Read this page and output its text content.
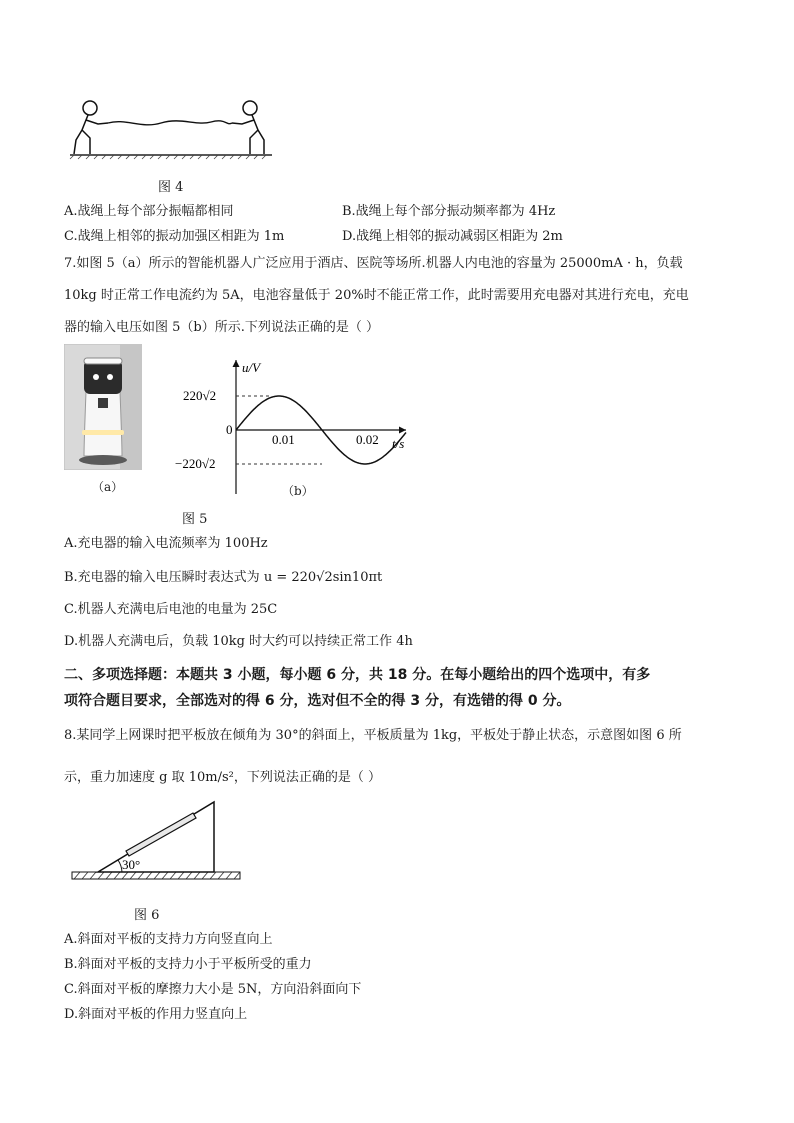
图 4
A.战绳上每个部分振幅都相同	B.战绳上每个部分振动频率都为 4Hz
C.战绳上相邻的振动加强区相距为 1m	D.战绳上相邻的振动减弱区相距为 2m
7.如图 5（a）所示的智能机器人广泛应用于酒店、医院等场所.机器人内电池的容量为 25000mA · h，负载
10kg 时正常工作电流约为 5A，电池容量低于 20%时不能正常工作，此时需要用充电器对其进行充电，充电
器的输入电压如图 5（b）所示.下列说法正确的是（ ）
（a）
u/V
t/s
220√2
−220√2
0
0.01	0.02
（b）
图 5
A.充电器的输入电流频率为 100Hz
B.充电器的输入电压瞬时表达式为 u = 220√2sin10πt
C.机器人充满电后电池的电量为 25C
D.机器人充满电后，负载 10kg 时大约可以持续正常工作 4h
二、多项选择题：本题共 3 小题，每小题 6 分，共 18 分。在每小题给出的四个选项中，有多
项符合题目要求，全部选对的得 6 分，选对但不全的得 3 分，有选错的得 0 分。
8.某同学上网课时把平板放在倾角为 30°的斜面上，平板质量为 1kg，平板处于静止状态，示意图如图 6 所
示，重力加速度 g 取 10m/s²，下列说法正确的是（ ）
30°
图 6
A.斜面对平板的支持力方向竖直向上
B.斜面对平板的支持力小于平板所受的重力
C.斜面对平板的摩擦力大小是 5N，方向沿斜面向下
D.斜面对平板的作用力竖直向上
